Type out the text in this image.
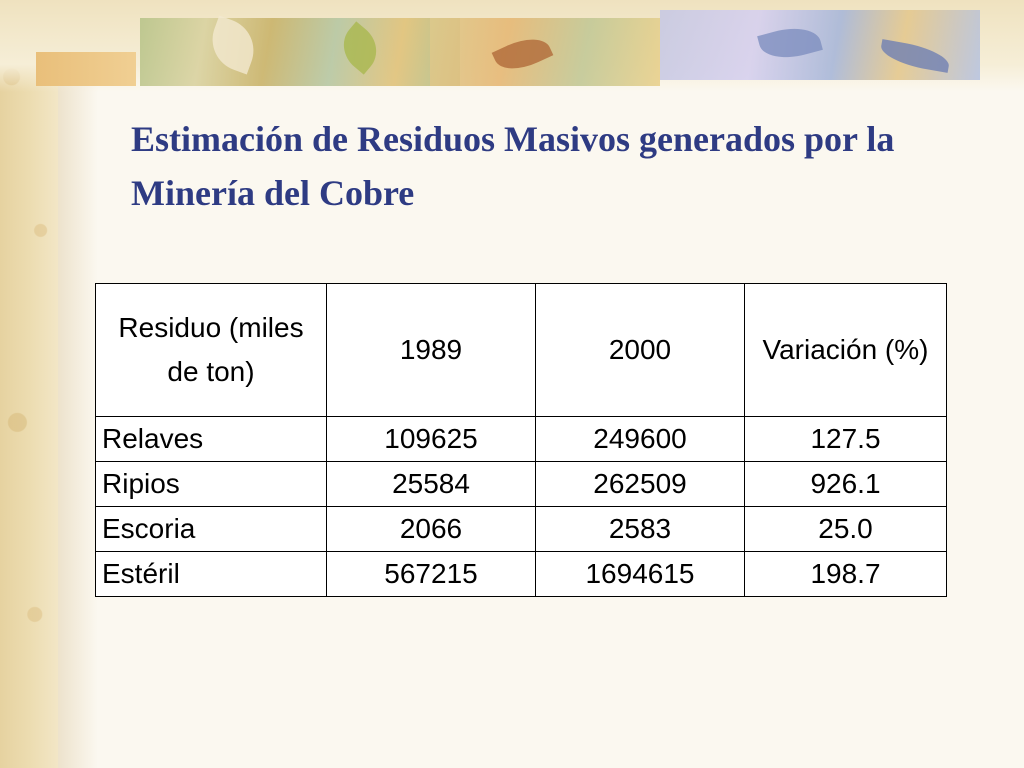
Estimación de Residuos Masivos generados por la Minería del Cobre
Residuo (miles de ton)	1989	2000	Variación (%)
Relaves	109625	249600	127.5
Ripios	25584	262509	926.1
Escoria	2066	2583	25.0
Estéril	567215	1694615	198.7
